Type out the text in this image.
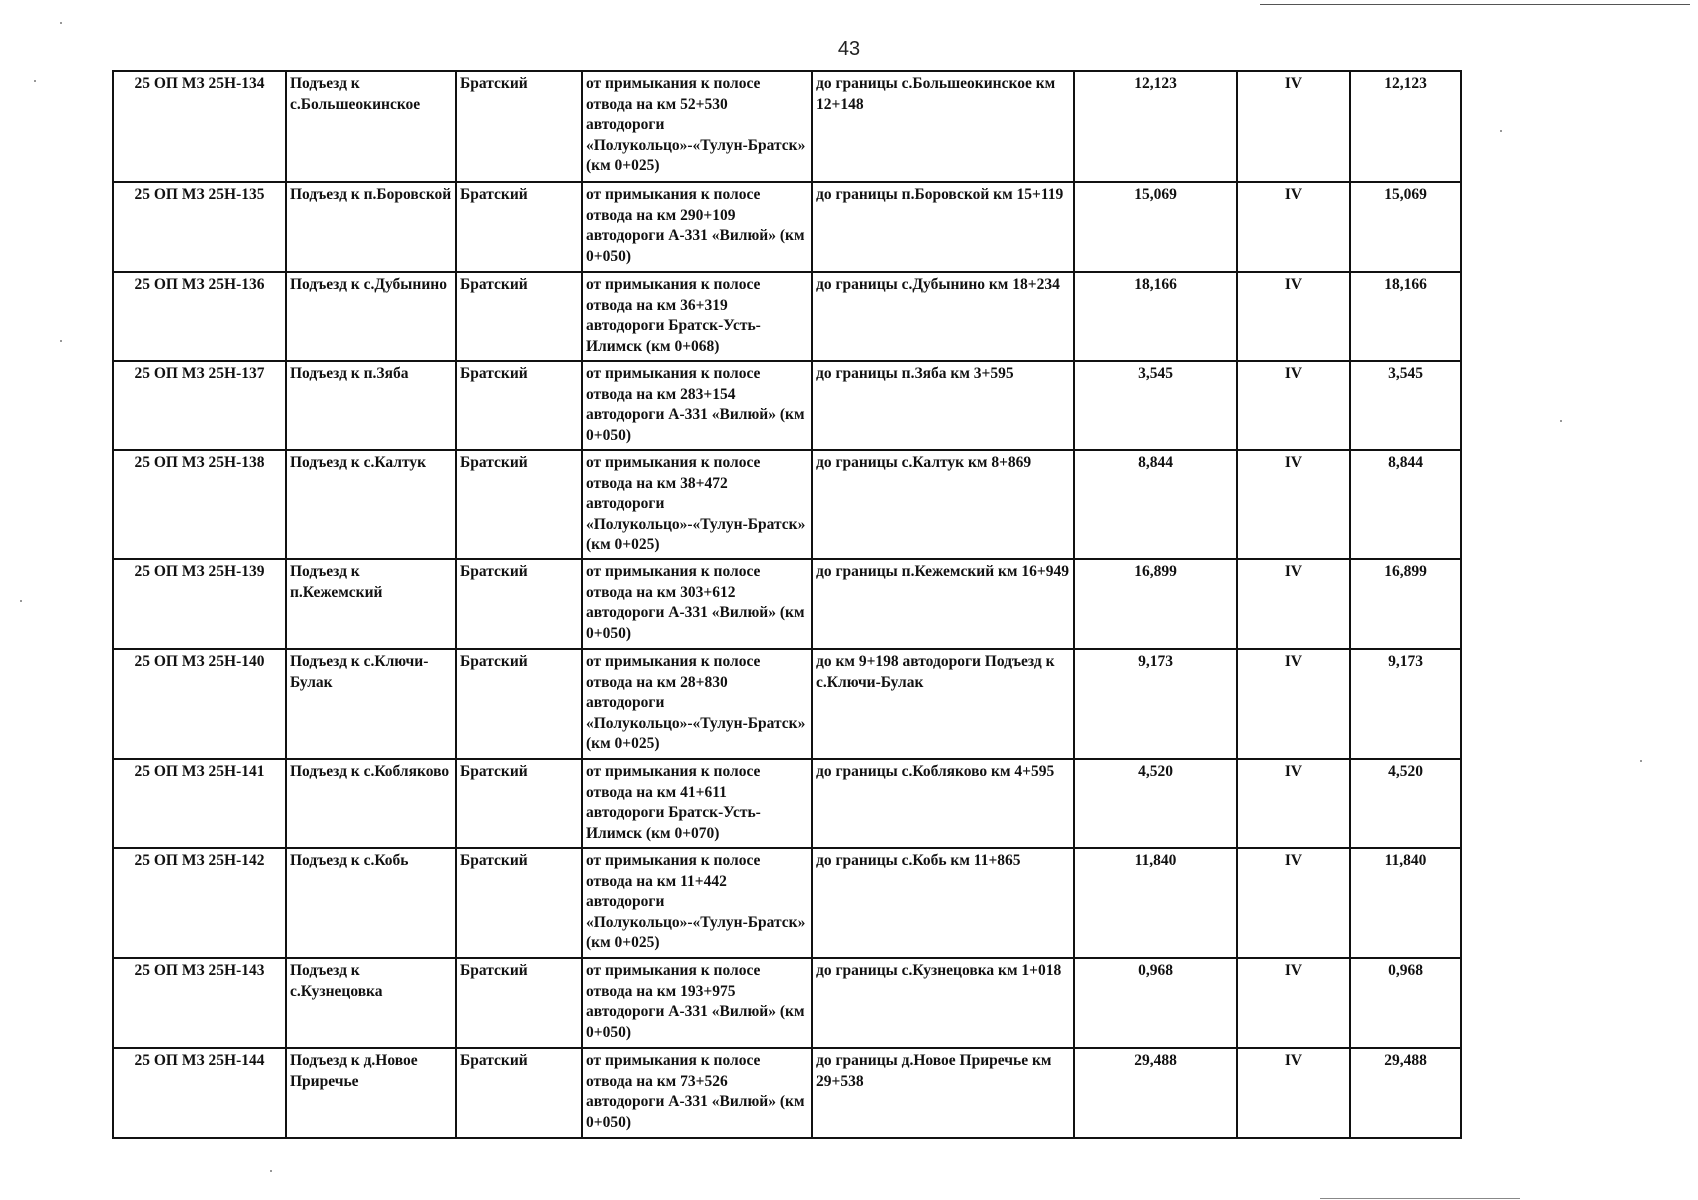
43
25 ОП МЗ 25Н-134	Подъезд к с.Большеокинское	Братский	от примыкания к полосе отвода на км 52+530 автодороги «Полукольцо»-«Тулун-Братск» (км 0+025)	до границы с.Большеокинское км 12+148	12,123	IV	12,123
25 ОП МЗ 25Н-135	Подъезд к п.Боровской	Братский	от примыкания к полосе отвода на км 290+109 автодороги А-331 «Вилюй» (км 0+050)	до границы п.Боровской км 15+119	15,069	IV	15,069
25 ОП МЗ 25Н-136	Подъезд к с.Дубынино	Братский	от примыкания к полосе отвода на км 36+319 автодороги Братск-Усть-Илимск (км 0+068)	до границы с.Дубынино км 18+234	18,166	IV	18,166
25 ОП МЗ 25Н-137	Подъезд к п.Зяба	Братский	от примыкания к полосе отвода на км 283+154 автодороги А-331 «Вилюй» (км 0+050)	до границы п.Зяба км 3+595	3,545	IV	3,545
25 ОП МЗ 25Н-138	Подъезд к с.Калтук	Братский	от примыкания к полосе отвода на км 38+472 автодороги «Полукольцо»-«Тулун-Братск» (км 0+025)	до границы с.Калтук км 8+869	8,844	IV	8,844
25 ОП МЗ 25Н-139	Подъезд к п.Кежемский	Братский	от примыкания к полосе отвода на км 303+612 автодороги А-331 «Вилюй» (км 0+050)	до границы п.Кежемский км 16+949	16,899	IV	16,899
25 ОП МЗ 25Н-140	Подъезд к с.Ключи-Булак	Братский	от примыкания к полосе отвода на км 28+830 автодороги «Полукольцо»-«Тулун-Братск» (км 0+025)	до км 9+198 автодороги Подъезд к с.Ключи-Булак	9,173	IV	9,173
25 ОП МЗ 25Н-141	Подъезд к с.Кобляково	Братский	от примыкания к полосе отвода на км 41+611 автодороги Братск-Усть-Илимск (км 0+070)	до границы с.Кобляково км 4+595	4,520	IV	4,520
25 ОП МЗ 25Н-142	Подъезд к с.Кобь	Братский	от примыкания к полосе отвода на км 11+442 автодороги «Полукольцо»-«Тулун-Братск» (км 0+025)	до границы с.Кобь км 11+865	11,840	IV	11,840
25 ОП МЗ 25Н-143	Подъезд к с.Кузнецовка	Братский	от примыкания к полосе отвода на км 193+975 автодороги А-331 «Вилюй» (км 0+050)	до границы с.Кузнецовка км 1+018	0,968	IV	0,968
25 ОП МЗ 25Н-144	Подъезд к д.Новое Приречье	Братский	от примыкания к полосе отвода на км 73+526 автодороги А-331 «Вилюй» (км 0+050)	до границы д.Новое Приречье км 29+538	29,488	IV	29,488
